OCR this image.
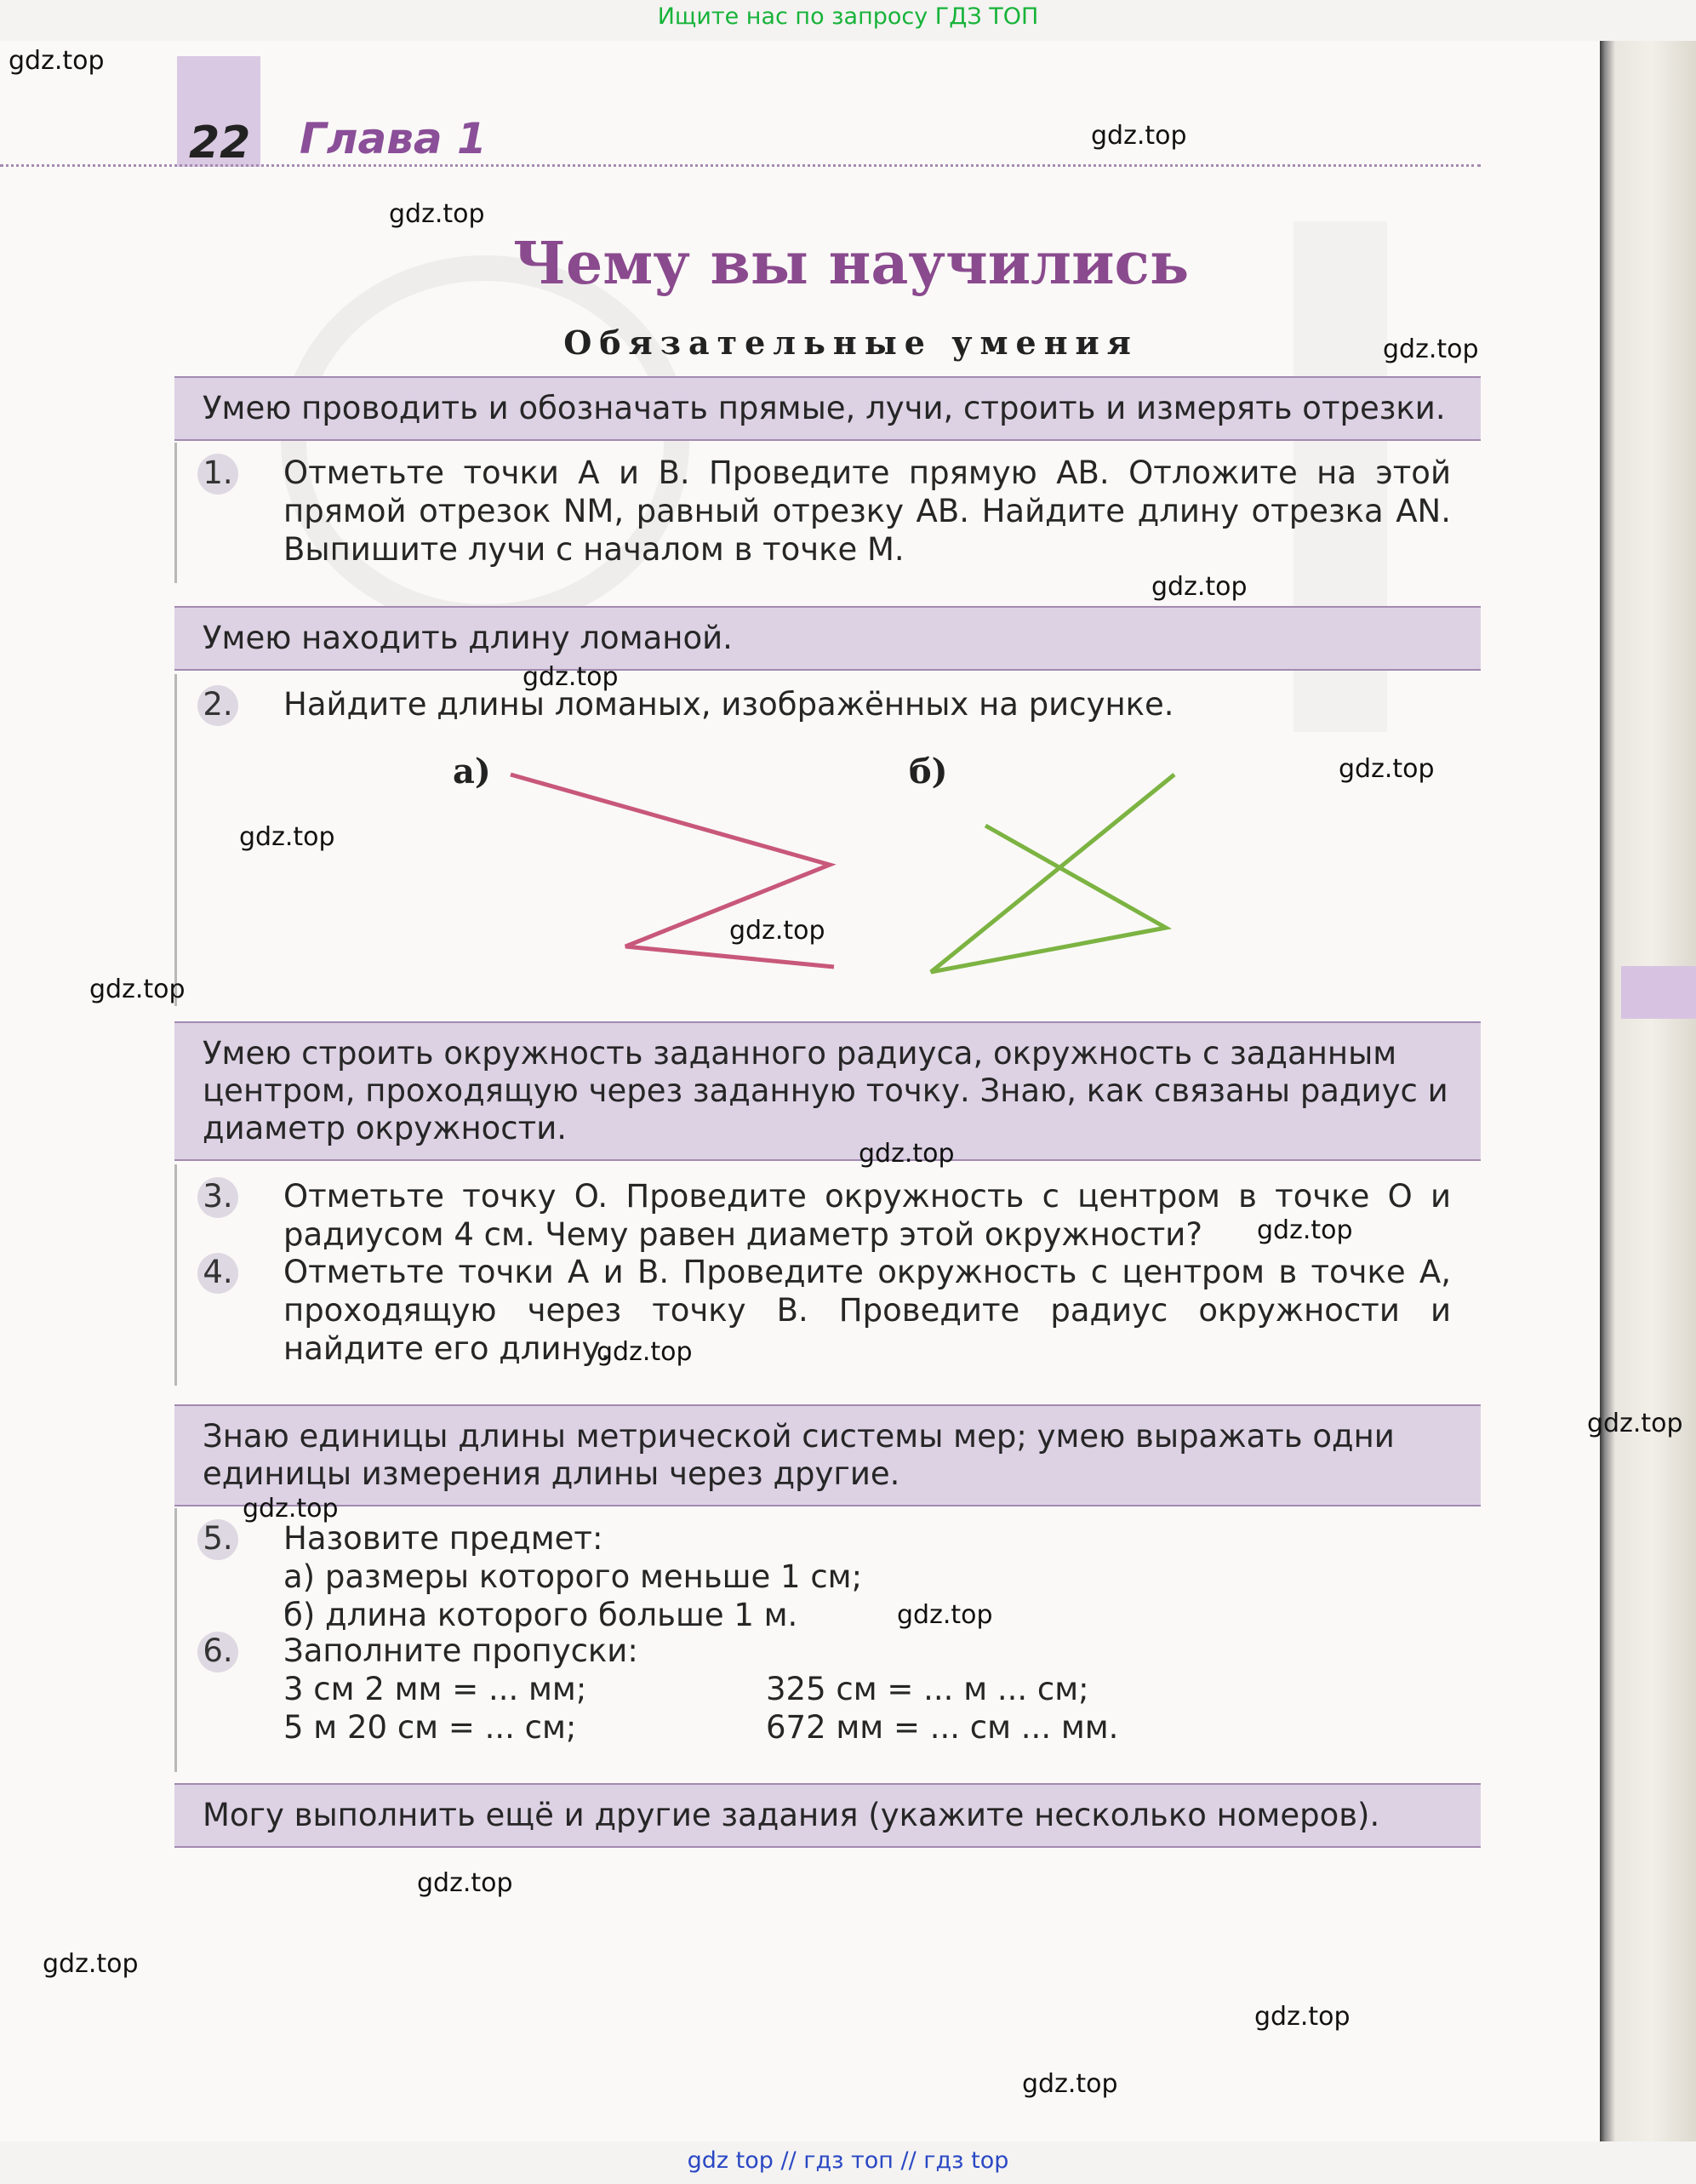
Ищите нас по запросу ГДЗ ТОП
22 Глава 1
Чему вы научились
Обязательные умения
Умею проводить и обозначать прямые, лучи, строить и измерять отрезки.
1. Отметьте точки A и B. Проведите прямую AB. Отложите на этой прямой отрезок NM, равный отрезку AB. Найдите длину отрезка AN. Выпишите лучи с началом в точке M.
Умею находить длину ломаной.
2. Найдите длины ломаных, изображённых на рисунке.
а)	б)
Умею строить окружность заданного радиуса, окружность с заданным центром, проходящую через заданную точку. Знаю, как связаны радиус и диаметр окружности.
3. Отметьте точку O. Проведите окружность с центром в точке O и радиусом 4 см. Чему равен диаметр этой окружности?
4. Отметьте точки A и B. Проведите окружность с центром в точке A, проходящую через точку B. Проведите радиус окружности и найдите его длину.
Знаю единицы длины метрической системы мер; умею выражать одни единицы измерения длины через другие.
5. Назовите предмет:
а) размеры которого меньше 1 см;
б) длина которого больше 1 м.
6. Заполните пропуски:
3 см 2 мм = ... мм;	325 см = ... м ... см;
5 м 20 см = ... см;	672 мм = ... см ... мм.
Могу выполнить ещё и другие задания (укажите несколько номеров).
gdz.top
gdz.top
gdz.top
gdz.top
gdz.top
gdz.top
gdz.top
gdz.top
gdz.top
gdz.top
gdz.top
gdz.top
gdz.top
gdz.top
gdz.top
gdz.top
gdz.top
gdz.top
gdz.top
gdz.top
gdz top // гдз топ // гдз top
